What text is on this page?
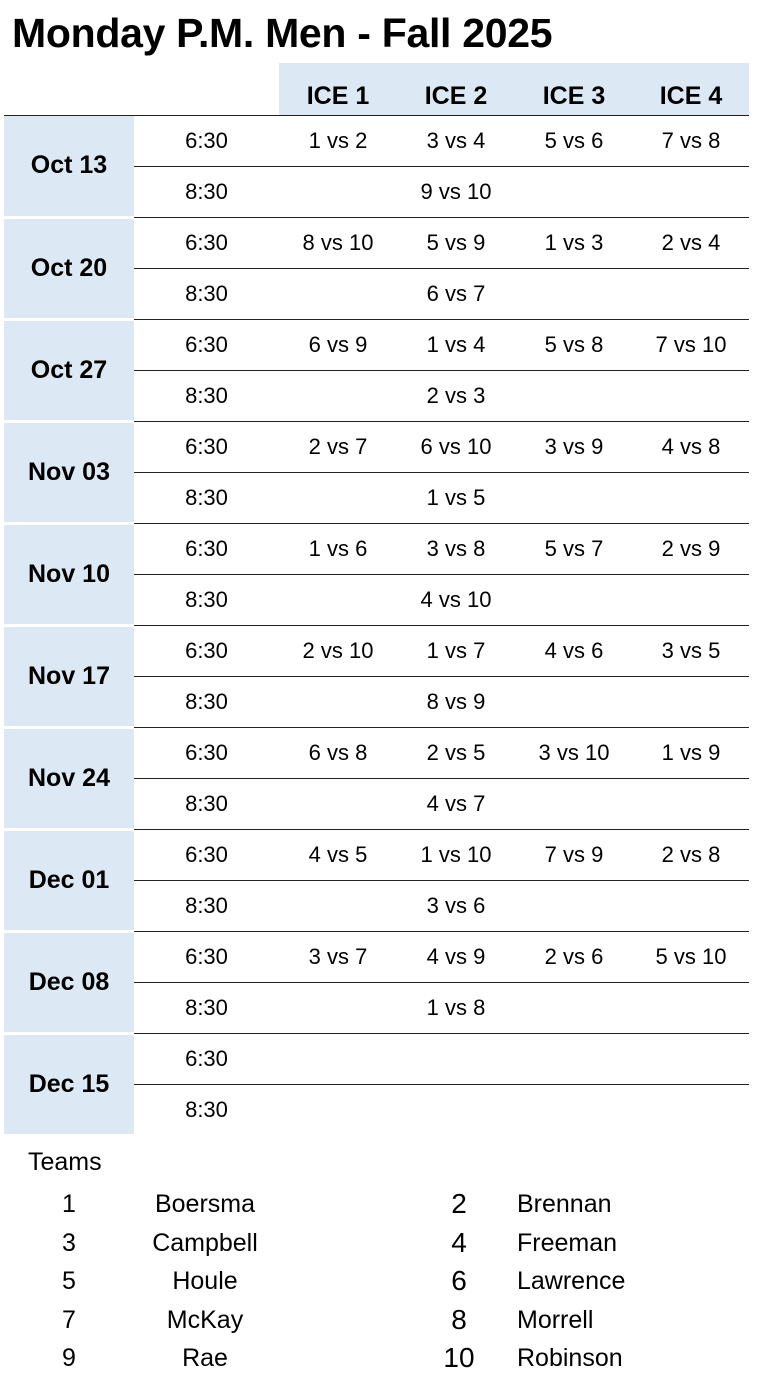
Monday P.M. Men - Fall 2025
		ICE 1	ICE 2	ICE 3	ICE 4
Oct 13	6:30	1 vs 2	3 vs 4	5 vs 6	7 vs 8
	8:30		9 vs 10		
Oct 20	6:30	8 vs 10	5 vs 9	1 vs 3	2 vs 4
	8:30		6 vs 7		
Oct 27	6:30	6 vs 9	1 vs 4	5 vs 8	7 vs 10
	8:30		2 vs 3		
Nov 03	6:30	2 vs 7	6 vs 10	3 vs 9	4 vs 8
	8:30		1 vs 5		
Nov 10	6:30	1 vs 6	3 vs 8	5 vs 7	2 vs 9
	8:30		4 vs 10		
Nov 17	6:30	2 vs 10	1 vs 7	4 vs 6	3 vs 5
	8:30		8 vs 9		
Nov 24	6:30	6 vs 8	2 vs 5	3 vs 10	1 vs 9
	8:30		4 vs 7		
Dec 01	6:30	4 vs 5	1 vs 10	7 vs 9	2 vs 8
	8:30		3 vs 6		
Dec 08	6:30	3 vs 7	4 vs 9	2 vs 6	5 vs 10
	8:30		1 vs 8		
Dec 15	6:30				
	8:30				
Teams
1	Boersma	2	Brennan
3	Campbell	4	Freeman
5	Houle	6	Lawrence
7	McKay	8	Morrell
9	Rae	10 Robinson
